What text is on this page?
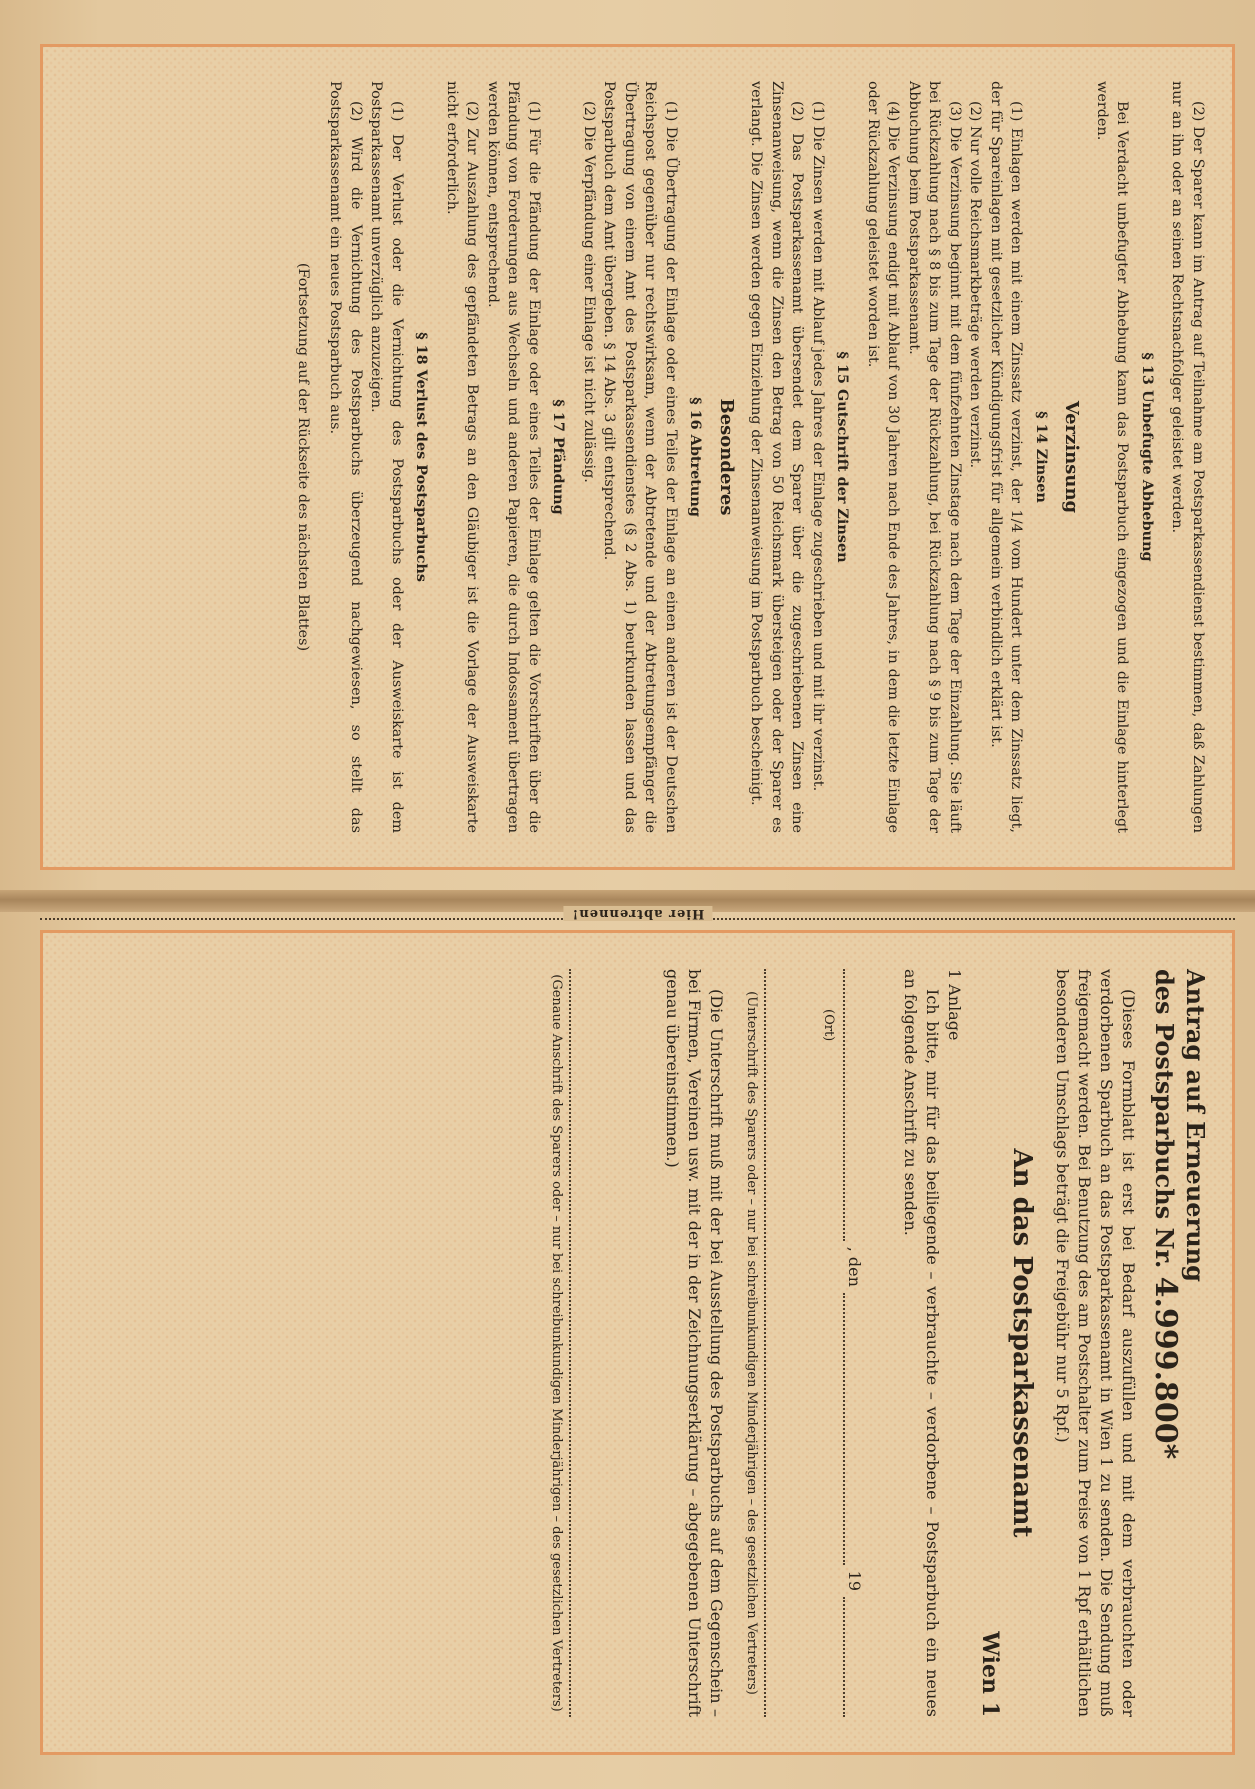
(2) Der Sparer kann im Antrag auf Teilnahme am Postsparkassendienst bestimmen, daß Zahlungen nur an ihn oder an seinen Rechtsnachfolger geleistet werden.

§ 13 Unbefugte Abhebung

Bei Verdacht unbefugter Abhebung kann das Postsparbuch eingezogen und die Einlage hinterlegt werden.

Verzinsung

§ 14 Zinsen

(1) Einlagen werden mit einem Zinssatz verzinst, der 1/4 vom Hundert unter dem Zinssatz liegt, der für Spareinlagen mit gesetzlicher Kündigungsfrist für allgemein verbindlich erklärt ist.

(2) Nur volle Reichsmarkbeträge werden verzinst.

(3) Die Verzinsung beginnt mit dem fünfzehnten Zinstage nach dem Tage der Einzahlung. Sie läuft bei Rückzahlung nach § 8 bis zum Tage der Rückzahlung, bei Rückzahlung nach § 9 bis zum Tage der Abbuchung beim Postsparkassenamt.

(4) Die Verzinsung endigt mit Ablauf von 30 Jahren nach Ende des Jahres, in dem die letzte Einlage oder Rückzahlung geleistet worden ist.

§ 15 Gutschrift der Zinsen

(1) Die Zinsen werden mit Ablauf jedes Jahres der Einlage zugeschrieben und mit ihr verzinst.

(2) Das Postsparkassenamt übersendet dem Sparer über die zugeschriebenen Zinsen eine Zinsenanweisung, wenn die Zinsen den Betrag von 50 Reichsmark übersteigen oder der Sparer es verlangt. Die Zinsen werden gegen Einziehung der Zinsenanweisung im Postsparbuch bescheinigt.

Besonderes

§ 16 Abtretung

(1) Die Übertragung der Einlage oder eines Teiles der Einlage an einen anderen ist der Deutschen Reichspost gegenüber nur rechtswirksam, wenn der Abtretende und der Abtretungsempfänger die Übertragung von einem Amt des Postsparkassendienstes (§ 2 Abs. 1) beurkunden lassen und das Postsparbuch dem Amt übergeben. § 14 Abs. 3 gilt entsprechend.

(2) Die Verpfändung einer Einlage ist nicht zulässig.

§ 17 Pfändung

(1) Für die Pfändung der Einlage oder eines Teiles der Einlage gelten die Vorschriften über die Pfändung von Forderungen aus Wechseln und anderen Papieren, die durch Indossament übertragen werden können, entsprechend.

(2) Zur Auszahlung des gepfändeten Betrags an den Gläubiger ist die Vorlage der Ausweiskarte nicht erforderlich.

§ 18 Verlust des Postsparbuchs

(1) Der Verlust oder die Vernichtung des Postsparbuchs oder der Ausweiskarte ist dem Postsparkassenamt unverzüglich anzuzeigen.

(2) Wird die Vernichtung des Postsparbuchs überzeugend nachgewiesen, so stellt das Postsparkassenamt ein neues Postsparbuch aus.

(Fortsetzung auf der Rückseite des nächsten Blattes)

Hier abtrennen!

Antrag auf Erneuerung
des Postsparbuchs Nr. 4.999.800*

(Dieses Formblatt ist erst bei Bedarf auszufüllen und mit dem verbrauchten oder verdorbenen Sparbuch an das Postsparkassenamt in Wien 1 zu senden. Die Sendung muß freigemacht werden. Bei Benutzung des am Postschalter zum Preise von 1 Rpf erhältlichen besonderen Umschlags beträgt die Freigebühr nur 5 Rpf.)

An das Postsparkassenamt

Wien 1

1 Anlage

Ich bitte, mir für das beiliegende – verbrauchte – verdorbene – Postsparbuch ein neues an folgende Anschrift zu senden.

, den
19

(Ort)

(Unterschrift des Sparers oder – nur bei schreibunkundigen Minderjährigen – des gesetzlichen Vertreters)

(Die Unterschrift muß mit der bei Ausstellung des Postsparbuchs auf dem Gegenschein – bei Firmen, Vereinen usw. mit der in der Zeichnungserklärung – abgegebenen Unterschrift genau übereinstimmen.)

(Genaue Anschrift des Sparers oder – nur bei schreibunkundigen Minderjährigen – des gesetzlichen Vertreters)
